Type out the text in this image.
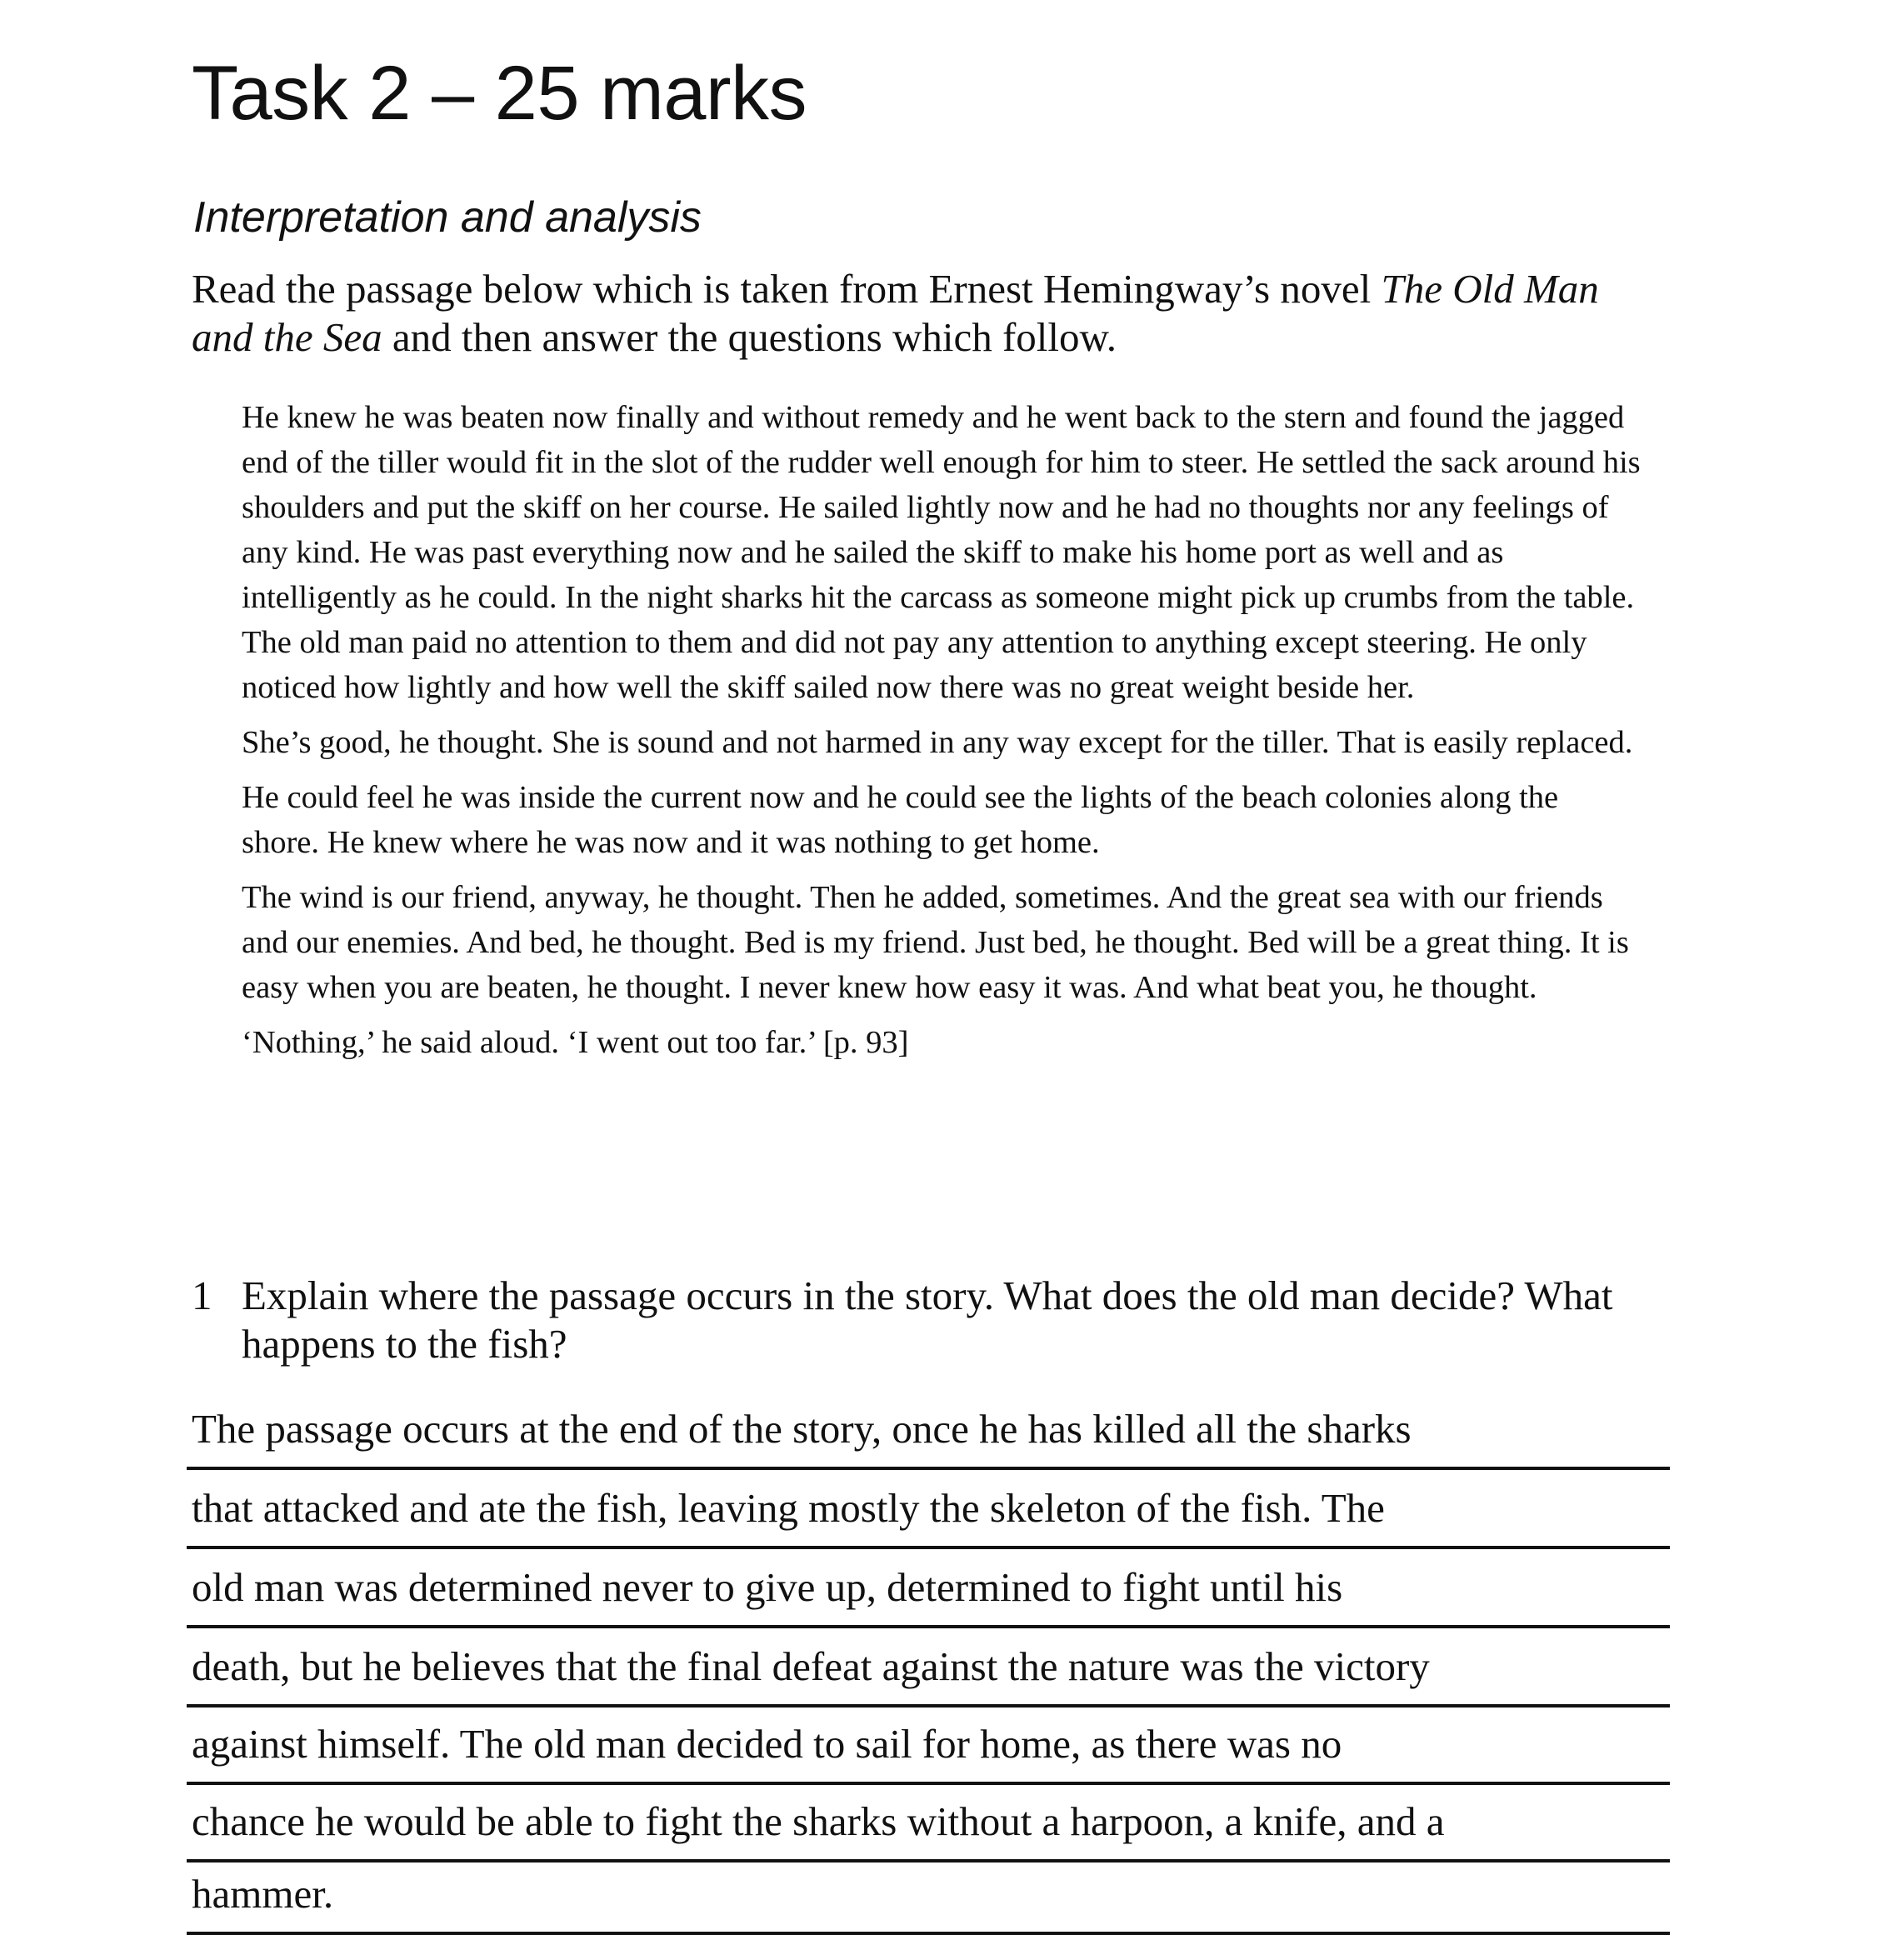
Task 2 – 25 marks
Interpretation and analysis

Read the passage below which is taken from Ernest Hemingway’s novel The Old Man
and the Sea and then answer the questions which follow.

He knew he was beaten now finally and without remedy and he went back to the stern and found the jagged end of the tiller would fit in the slot of the rudder well enough for him to steer. He settled the sack around his shoulders and put the skiff on her course. He sailed lightly now and he had no thoughts nor any feelings of any kind. He was past everything now and he sailed the skiff to make his home port as well and as intelligently as he could. In the night sharks hit the carcass as someone might pick up crumbs from the table. The old man paid no attention to them and did not pay any attention to anything except steering. He only noticed how lightly and how well the skiff sailed now there was no great weight beside her.

She’s good, he thought. She is sound and not harmed in any way except for the tiller. That is easily replaced.

He could feel he was inside the current now and he could see the lights of the beach colonies along the shore. He knew where he was now and it was nothing to get home.

The wind is our friend, anyway, he thought. Then he added, sometimes. And the great sea with our friends and our enemies. And bed, he thought. Bed is my friend. Just bed, he thought. Bed will be a great thing. It is easy when you are beaten, he thought. I never knew how easy it was. And what beat you, he thought.

‘Nothing,’ he said aloud. ‘I went out too far.’ [p. 93]

1 Explain where the passage occurs in the story. What does the old man decide? What happens to the fish?
The passage occurs at the end of the story, once he has killed all the sharks
that attacked and ate the fish, leaving mostly the skeleton of the fish. The
old man was determined never to give up, determined to fight until his
death, but he believes that the final defeat against the nature was the victory
against himself. The old man decided to sail for home, as there was no
chance he would be able to fight the sharks without a harpoon, a knife, and a
hammer.
